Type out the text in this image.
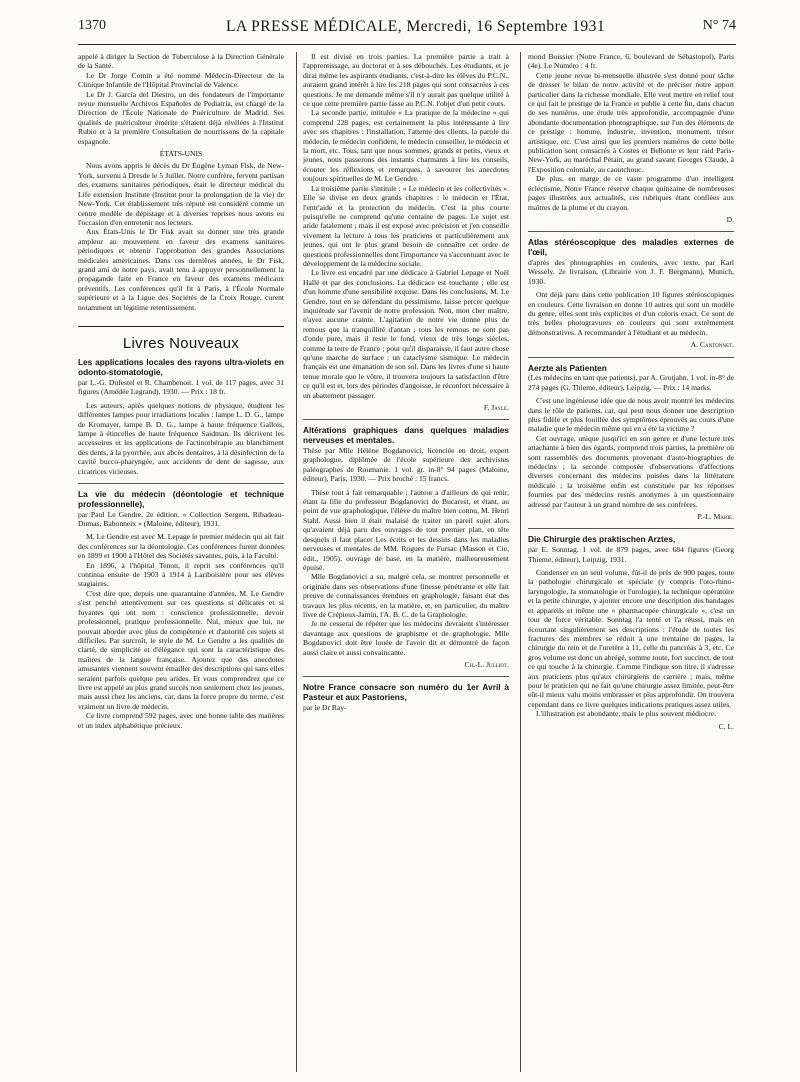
1370	LA PRESSE MÉDICALE, Mercredi, 16 Septembre 1931	N° 74

appelé à diriger la Section de Tuberculose à la Direction Générale de la Santé.

Le Dr Jorge Comin a été nommé Médecin-Directeur de la Clinique Infantile de l'Hôpital Provincial de Valence.

Le Dr J. García del Diestro, un des fondateurs de l'importante revue mensuelle Archivos Españoles de Pediatría, est chargé de la Direction de l'École Nationale de Puériculture de Madrid. Ses qualités de puériculteur émérite s'étaient déjà révélées à l'Institut Rubio et à la première Consultation de nourrissons de la capitale espagnole.

ÉTATS-UNIS

Nous avons appris le décès du Dr Eugène Lyman Fisk, de New-York, survenu à Dresde le 5 Juillet. Notre confrère, fervent partisan des examens sanitaires périodiques, était le directeur médical du Life extension Institute (Institut pour la prolongation de la vie) de New-York. Cet établissement très réputé est considéré comme un centre modèle de dépistage et à diverses reprises nous avons eu l'occasion d'en entretenir nos lecteurs.

Aux États-Unis le Dr Fisk avait su donner une très grande ampleur au mouvement en faveur des examens sanitaires périodiques et obtenir l'approbation des grandes Associations médicales américaines. Dans ces dernières années, le Dr Fisk, grand ami de notre pays, avait tenu à appuyer personnellement la propagande faite en France en faveur des examens médicaux préventifs. Les conférences qu'il fit à Paris, à l'École Normale supérieure et à la Ligue des Sociétés de la Croix Rouge, curent notamment un légitime retentissement.

Livres Nouveaux

Les applications locales des rayons ultra-violets en odonto-stomatologie,

par L.-G. Dufestel et R. Chambenoit. 1 vol. de 117 pages, avec 31 figures (Amédée Legrand), 1930. — Prix : 18 fr.

Les auteurs, après quelques notions de physique, étudient les différentes lampes pour irradiations locales : lampe L. D. G., lampe de Kromayer, lampe B. D. G., lampe à haute fréquence Gallois, lampe à étincelles de haute fréquence Saidman. Ils décrivent les accessoires et les applications de l'actinothérapie au blanchiment des dents, à la pyorrhée, aux abcès dentaires, à la désinfection de la cavité bucco-pharyngée, aux accidents de dent de sagesse, aux cicatrices vicieuses.

La vie du médecin (déontologie et technique professionnelle),

par Paul Le Gendre, 2e édition. « Collection Sergent, Ribadeau-Dumas, Babonneix » (Maloine, éditeur), 1931.

M. Le Gendre est avec M. Lepage le premier médecin qui ait fait des conférences sur la déontologie. Ces conférences furent données en 1899 et 1900 à l'Hôtel des Sociétés savantes, puis, à la Faculté.

En 1896, à l'hôpital Tenon, il reprit ses conférences qu'il continua ensuite de 1903 à 1914 à Lariboisière pour ses élèves stagiaires.

C'est dire que, depuis une quarantaine d'années, M. Le Gendre s'est penché attentivement sur ces questions si délicates et si fuyantes qui ont nom : conscience professionnelle, devoir professionnel, pratique professionnelle. Nul, mieux que lui, ne pouvait aborder avec plus de compétence et d'autorité ces sujets si difficiles. Par surcroît, le style de M. Le Gendre a les qualités de clarté, de simplicité et d'élégance qui sont la caractéristique des maîtres de la langue française. Ajoutez que des anecdotes amusantes viennent souvent émailler des descriptions qui sans elles seraient parfois quelque peu arides. Et vous comprendrez que ce livre est appelé au plus grand succès non seulement chez les jeunes, mais aussi chez les anciens, car, dans la force propre du terme, c'est vraiment un livre de médecin.

Ce livre comprend 592 pages, avec une bonne table des matières et un index alphabétique précieux.

Il est divisé en trois parties. La première partie a trait à l'apprentissage, au doctorat et à ses débouchés. Les étudiants, et je dirai même les aspirants étudiants, c'est-à-dire les élèves du P.C.N., auraient grand intérêt à lire les 218 pages qui sont consacrées à ces questions. Je me demande même s'il n'y aurait pas quelque utilité à ce que cette première partie fasse au P.C.N. l'objet d'un petit cours.

La seconde partie, intitulée « La pratique de la médecine » qui comprend 228 pages, est certainement la plus intéressante à lire avec ses chapitres : l'installation, l'attente des clients, la parole du médecin, le médecin confident, le médecin conseiller, le médecin et la mort, etc. Tous, tant que nous sommes, grands et petits, vieux et jeunes, nous passerons des instants charmants à lire les conseils, écouter les réflexions et remarques, à savourer les anecdotes toujours spirituelles de M. Le Gendre.

La troisième partie s'intitule : « Le médecin et les collectivités ». Elle se divise en deux grands chapitres : le médecin et l'État, l'entr'aide et la protection du médecin. C'est la plus courte puisqu'elle ne comprend qu'une centaine de pages. Le sujet est aride fatalement ; mais il est exposé avec précision et j'en conseille vivement la lecture à tous les praticiens et particulièrement aux jeunes, qui ont le plus grand besoin de connaître cet ordre de questions professionnelles dont l'importance va s'accentuant avec le développement de la médecine sociale.

Le livre est encadré par une dédicace à Gabriel Lepage et Noël Hallé et par des conclusions. La dédicace est touchante ; elle est d'un homme d'une sensibilité exquise. Dans les conclusions, M. Le Gendre, tout en se défendant du pessimisme, laisse percer quelque inquiétude sur l'avenir de notre profession. Non, mon cher maître, n'ayez aucune crainte. L'agitation de notre vie donne plus de remous que la tranquillité d'antan ; tous les remous ne sont pas d'onde pure, mais il reste le fond, vieux de très longs siècles, comme la terre de France ; pour qu'il disparaisse, il faut autre chose qu'une marche de surface : un cataclysme sismique. Le médecin français est une émanation de son sol. Dans les livres d'une si haute tenue morale que le vôtre, il trouvera toujours la satisfaction d'être ce qu'il est et, lors des périodes d'angoisse, le réconfort nécessaire à un abattement passager.

F. Jayle.

Altérations graphiques dans quelques maladies nerveuses et mentales.

Thèse par Mlle Hélène Bogdanovici, licenciée en droit, expert graphologue, diplômée de l'école supérieure des archivistes paléographes de Roumanie. 1 vol. gr. in-8° 94 pages (Maloine, éditeur), Paris, 1930. — Prix broché : 15 francs.

Thèse tout à fait remarquable ; l'auteur a d'ailleurs de qui tenir, étant la fille du professeur Bogdanovici de Bucarest, et étant, au point de vue graphologique, l'élève du maître bien connu, M. Henri Stahl. Aussi bien il était malaisé de traiter un pareil sujet alors qu'avaient déjà paru des ouvrages de tout premier plan, en tête desquels il faut placer Les écrits et les dessins dans les maladies nerveuses et mentales de MM. Rogues de Fursac (Masson et Cie, édit., 1905), ouvrage de base, en la matière, malheureusement épuisé.

Mlle Bogdanovici a su, malgré cela, se montrer personnelle et originale dans ses observations d'une finesse pénétrante et elle fait preuve de connaissances étendues en graphologie, faisant état des travaux les plus récents, en la matière, et, en particulier, du maître livre de Crépieux-Jamin, l'A. B. C. de la Graphologie.

Je ne cesserai de répéter que les médecins devraient s'intéresser davantage aux questions de graphisme et de graphologie. Mlle Bogdanovici doit être louée de l'avoir dit et démontré de façon aussi claire et aussi convaincante.

Ch.-L. Julliot.

Notre France consacre son numéro du 1er Avril à Pasteur et aux Pastoriens,

par le Dr Ray-

mond Boissier (Notre France, 6, boulevard de Sébastopol), Paris (4e). Le Numéro : 4 fr.

Cette jeune revue bi-mensuelle illustrée s'est donné pour tâche de dresser le bilan de notre activité et de préciser notre apport particulier dans la richesse mondiale. Elle veut mettre en relief tout ce qui fait le prestige de la France et publie à cette fin, dans chacun de ses numéros, une étude très approfondie, accompagnée d'une abondante documentation photographique, sur l'un des éléments de ce prestige : homme, industrie, invention, monument, trésor artistique, etc. C'est ainsi que les premiers numéros de cette belle publication sont consacrés à Costes et Bellonte et leur raid Paris-New-York, au maréchal Pétain, au grand savant Georges Claude, à l'Exposition coloniale, au caoutchouc.

De plus, en marge de ce vaste programme d'un intelligent éclectisme, Notre France réserve chaque quinzaine de nombreuses pages illustrées aux actualités, ces rubriques étant confiées aux maîtres de la plume et du crayon.

D.

Atlas stéréoscopique des maladies externes de l'œil,

d'après des photographies en couleurs, avec texte, par Karl Wessely. 2e livraison, (Librairie von J. F. Bergmann), Munich, 1930.

Ont déjà paru dans cette publication 10 figures stéréoscopiques en couleurs. Cette livraison en donne 10 autres qui sont un modèle du genre, elles sont très explicites et d'un coloris exact. Ce sont de très belles photogravures en couleurs qui sont extrêmement démonstratives. A recommander à l'étudiant et au médecin.

A. Cantonnet.

Aerzte als Patienten

(Les médecins en tant que patients), par A. Grotjahn. 1 vol. in-8° de 274 pages (G. Thieme, éditeur), Leipzig. — Prix : 14 marks.

C'est une ingénieuse idée que de nous avoir montré les médecins dans le rôle de patients, car, qui peut nous donner une description plus fidèle et plus fouillée des symptômes éprouvés au cours d'une maladie que le médecin même qui en a été la victime ?

Cet ouvrage, unique jusqu'ici en son genre et d'une lecture très attachante à bien des égards, comprend trois parties, la première où sont rassemblés des documents provenant d'auto-biographies de médecins ; la seconde composée d'observations d'affections diverses concernant des médecins puisées dans la littérature médicale ; la troisième enfin est constituée par les réponses fournies par des médecins restés anonymes à un questionnaire adressé par l'auteur à un grand nombre de ses confrères.

P.-L. Marie.

Die Chirurgie des praktischen Arztes,

par E. Sonntag. 1 vol. de 879 pages, avec 684 figures (Georg Thieme, éditeur), Leipzig, 1931.

Condenser en un seul volume, fût-il de près de 900 pages, toute la pathologie chirurgicale et spéciale (y compris l'oto-rhino-laryngologie, la stomatologie et l'urologie), la technique opératoire et la petite chirurgie, y ajouter encore une description des bandages et appareils et même une « pharmacopée chirurgicale », c'est un tour de force véritable. Sonntag l'a tenté et l'a réussi, mais en écourtant singulièrement ses descriptions : l'étude de toutes les fractures des membres se réduit à une trentaine de pages, la chirurgie du rein et de l'uretère à 11, celle du pancréas à 3, etc. Ce gros volume est donc un abrégé, somme toute, fort succinct, de tout ce qui touche à la chirurgie. Comme l'indique son titre, il s'adresse aux praticiens plus qu'aux chirurgiens de carrière ; mais, même pour le praticien qui ne fait qu'une chirurgie assez limitée, peut-être eût-il mieux valu moins embrasser et plus approfondir. On trouvera cependant dans ce livre quelques indications pratiques assez utiles.

L'illustration est abondante, mais le plus souvent médiocre.

C. L.
